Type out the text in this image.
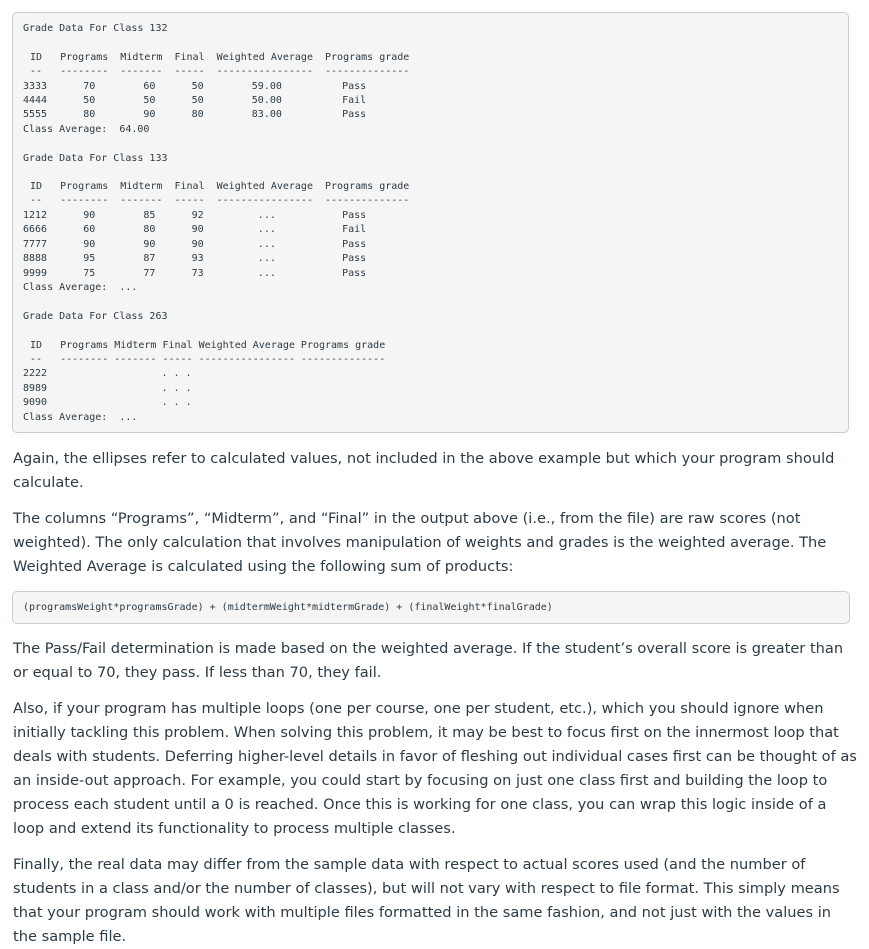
Grade Data For Class 132
ID   Programs  Midterm  Final  Weighted Average  Programs grade
--   --------  -------  -----  ----------------  --------------
3333      70        60      50        59.00          Pass
4444      50        50      50        50.00          Fail
5555      80        90      80        83.00          Pass
Class Average:  64.00
Grade Data For Class 133
ID   Programs  Midterm  Final  Weighted Average  Programs grade
--   --------  -------  -----  ----------------  --------------
1212      90        85      92         ...           Pass
6666      60        80      90         ...           Fail
7777      90        90      90         ...           Pass
8888      95        87      93         ...           Pass
9999      75        77      73         ...           Pass
Class Average:  ...
Grade Data For Class 263
ID   Programs Midterm Final Weighted Average Programs grade
--   -------- ------- ----- ---------------- --------------
2222                   . . .
8989                   . . .
9090                   . . .
Class Average:  ...

Again, the ellipses refer to calculated values, not included in the above example but which your program should calculate.

The columns “Programs”, “Midterm”, and “Final” in the output above (i.e., from the file) are raw scores (not weighted). The only calculation that involves manipulation of weights and grades is the weighted average. The Weighted Average is calculated using the following sum of products:

(programsWeight*programsGrade) + (midtermWeight*midtermGrade) + (finalWeight*finalGrade)

The Pass/Fail determination is made based on the weighted average. If the student’s overall score is greater than or equal to 70, they pass. If less than 70, they fail.

Also, if your program has multiple loops (one per course, one per student, etc.), which you should ignore when initially tackling this problem. When solving this problem, it may be best to focus first on the innermost loop that deals with students. Deferring higher-level details in favor of fleshing out individual cases first can be thought of as an inside-out approach. For example, you could start by focusing on just one class first and building the loop to process each student until a 0 is reached. Once this is working for one class, you can wrap this logic inside of a loop and extend its functionality to process multiple classes.

Finally, the real data may differ from the sample data with respect to actual scores used (and the number of students in a class and/or the number of classes), but will not vary with respect to file format. This simply means that your program should work with multiple files formatted in the same fashion, and not just with the values in the sample file.
